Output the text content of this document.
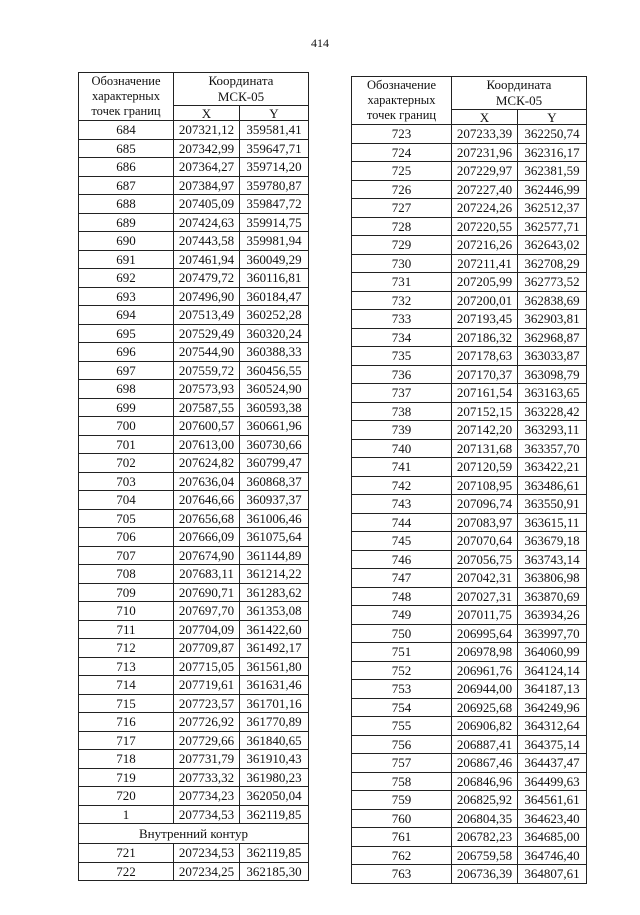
414
Обозначение
характерных
точек границ	Координата
МСК-05	
	X	Y
684	207321,12	359581,41
685	207342,99	359647,71
686	207364,27	359714,20
687	207384,97	359780,87
688	207405,09	359847,72
689	207424,63	359914,75
690	207443,58	359981,94
691	207461,94	360049,29
692	207479,72	360116,81
693	207496,90	360184,47
694	207513,49	360252,28
695	207529,49	360320,24
696	207544,90	360388,33
697	207559,72	360456,55
698	207573,93	360524,90
699	207587,55	360593,38
700	207600,57	360661,96
701	207613,00	360730,66
702	207624,82	360799,47
703	207636,04	360868,37
704	207646,66	360937,37
705	207656,68	361006,46
706	207666,09	361075,64
707	207674,90	361144,89
708	207683,11	361214,22
709	207690,71	361283,62
710	207697,70	361353,08
711	207704,09	361422,60
712	207709,87	361492,17
713	207715,05	361561,80
714	207719,61	361631,46
715	207723,57	361701,16
716	207726,92	361770,89
717	207729,66	361840,65
718	207731,79	361910,43
719	207733,32	361980,23
720	207734,23	362050,04
1	207734,53	362119,85
Внутренний контур		
721	207234,53	362119,85
722	207234,25	362185,30
Обозначение
характерных
точек границ	Координата
МСК-05	
	X	Y
723	207233,39	362250,74
724	207231,96	362316,17
725	207229,97	362381,59
726	207227,40	362446,99
727	207224,26	362512,37
728	207220,55	362577,71
729	207216,26	362643,02
730	207211,41	362708,29
731	207205,99	362773,52
732	207200,01	362838,69
733	207193,45	362903,81
734	207186,32	362968,87
735	207178,63	363033,87
736	207170,37	363098,79
737	207161,54	363163,65
738	207152,15	363228,42
739	207142,20	363293,11
740	207131,68	363357,70
741	207120,59	363422,21
742	207108,95	363486,61
743	207096,74	363550,91
744	207083,97	363615,11
745	207070,64	363679,18
746	207056,75	363743,14
747	207042,31	363806,98
748	207027,31	363870,69
749	207011,75	363934,26
750	206995,64	363997,70
751	206978,98	364060,99
752	206961,76	364124,14
753	206944,00	364187,13
754	206925,68	364249,96
755	206906,82	364312,64
756	206887,41	364375,14
757	206867,46	364437,47
758	206846,96	364499,63
759	206825,92	364561,61
760	206804,35	364623,40
761	206782,23	364685,00
762	206759,58	364746,40
763	206736,39	364807,61
